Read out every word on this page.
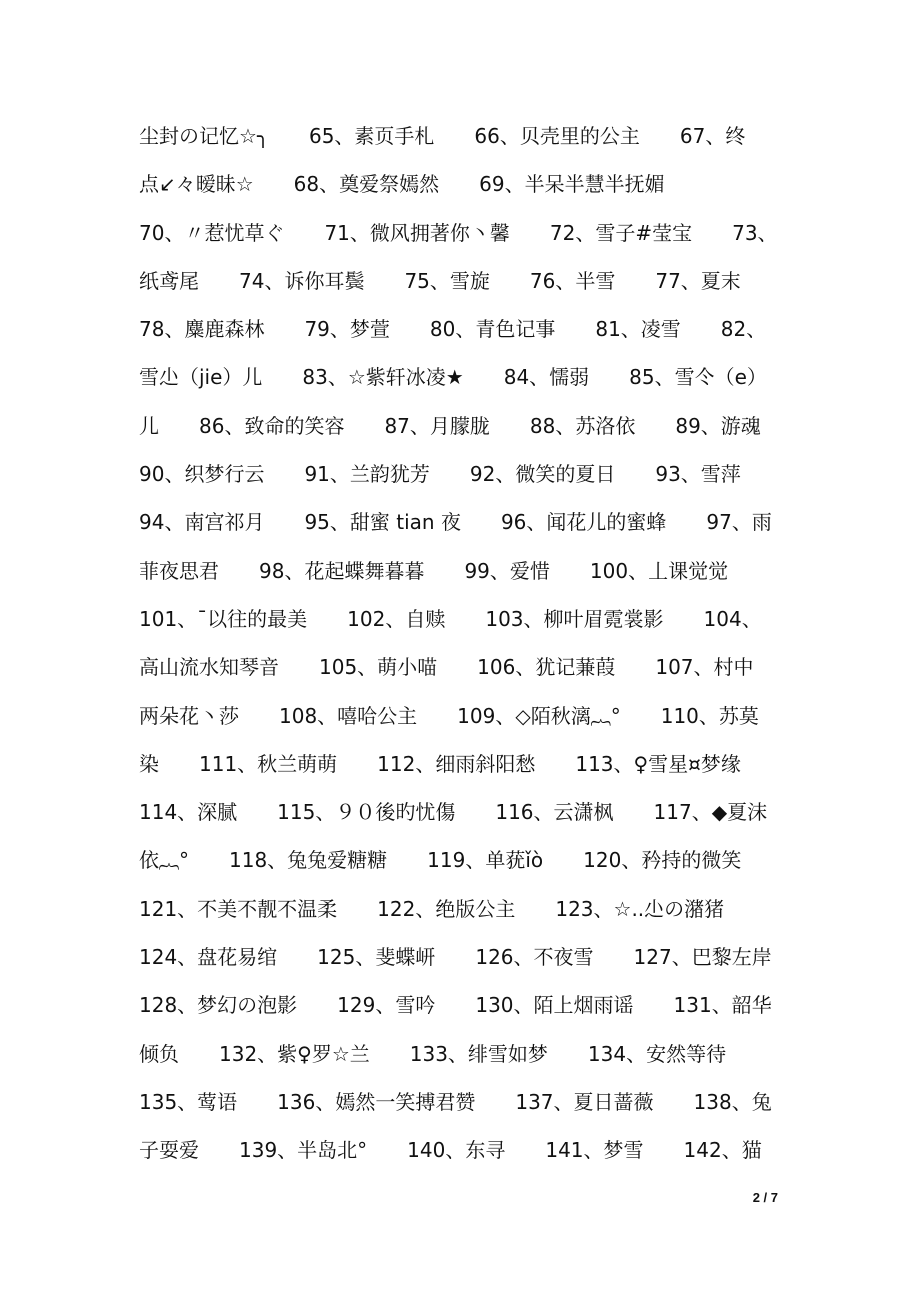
尘封の记忆☆╮　　65、素页手札　　66、贝壳里的公主　　67、终
点↙々暧昧☆　　68、奠爱祭嫣然　　69、半呆半慧半抚媚
70、〃惹忧草ぐ　　71、微风拥著你丶馨　　72、雪子#莹宝　　73、
纸鸢尾　　74、诉你耳鬓　　75、雪旋　　76、半雪　　77、夏末
78、麋鹿森林　　79、梦萱　　80、青色记事　　81、凌雪　　82、
雪尐（jie）儿　　83、☆紫轩冰凌★　　84、懦弱　　85、雪仒（e）
儿　　86、致命的笑容　　87、月朦胧　　88、苏洛依　　89、游魂
90、织梦行云　　91、兰韵犹芳　　92、微笑的夏日　　93、雪萍
94、南宫祁月　　95、甜蜜 tian 夜　　96、闻花儿的蜜蜂　　97、雨
菲夜思君　　98、花起蝶舞暮暮　　99、爱惜　　100、丄课觉觉
101、ˉ以往的最美　　102、自赎　　103、柳叶眉霓裳影　　104、
高山流水知琴音　　105、萌小喵　　106、犹记蒹葭　　107、村中
两朵花丶莎　　108、嘻哈公主　　109、◇陌秋漓︷°　　110、苏莫
染　　111、秋兰萌萌　　112、细雨斜阳愁　　113、♀雪星¤梦缘
114、深腻　　115、９０後旳忧傷　　116、云潇枫　　117、◆夏沫
依︷°　　118、兔兔爱糖糖　　119、单莸ǐò　　120、矜持的微笑
121、不美不靓不温柔　　122、绝版公主　　123、☆..尐の潴猪
124、盘花易绾　　125、斐蝶岍　　126、不夜雪　　127、巴黎左岸
128、梦幻の泡影　　129、雪吟　　130、陌上烟雨谣　　131、韶华
倾负　　132、紫♀罗☆兰　　133、绯雪如梦　　134、安然等待
135、莺语　　136、嫣然一笑搏君赞　　137、夏日蔷薇　　138、兔
子耍爱　　139、半岛北°　　140、东寻　　141、梦雪　　142、猫
2 / 7
